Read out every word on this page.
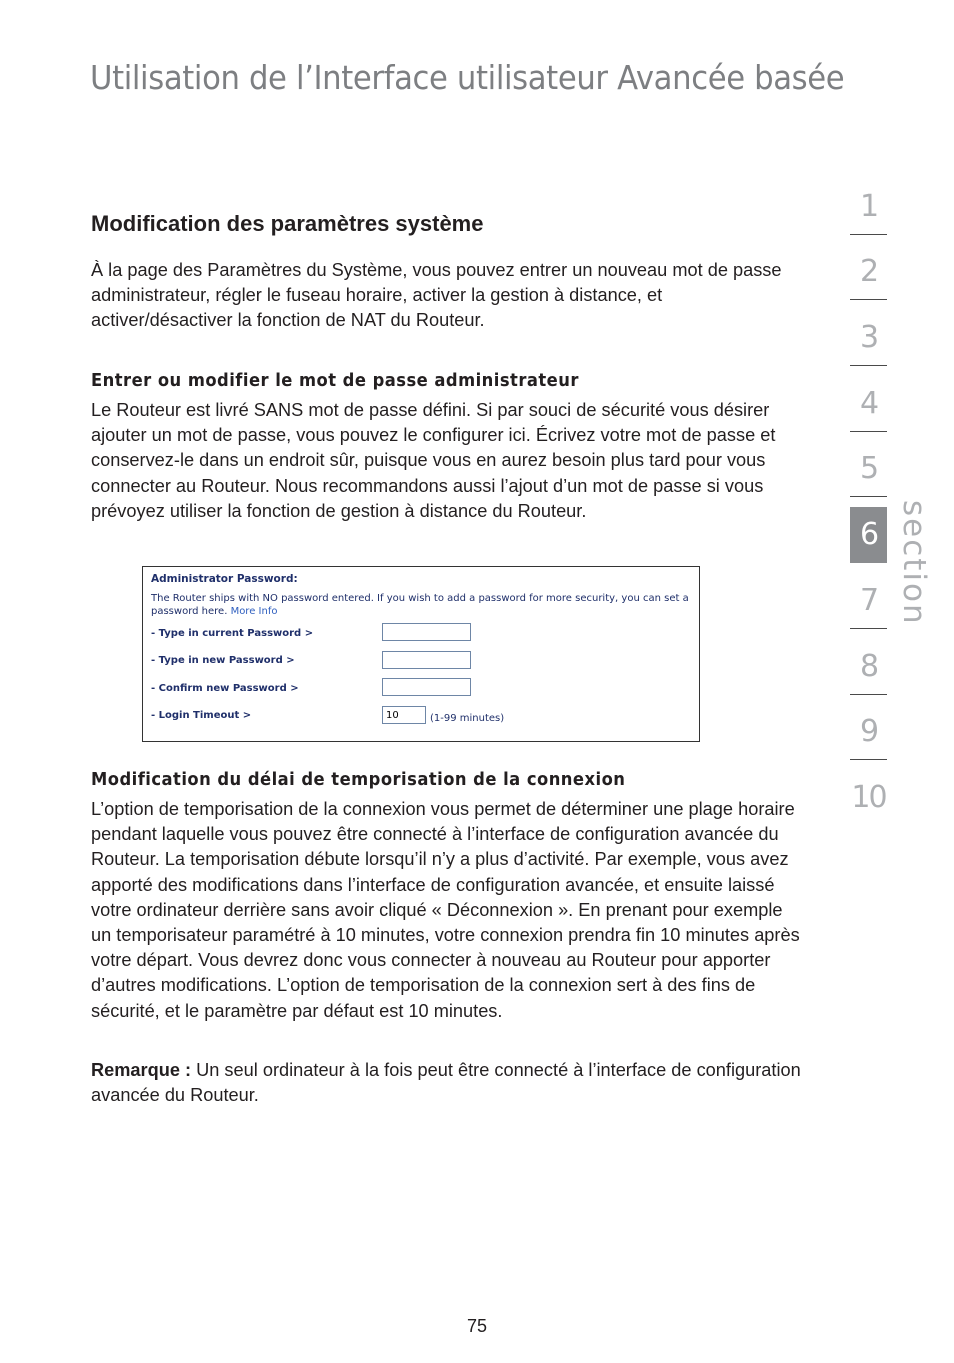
Utilisation de l’Interface utilisateur Avancée basée
Modification des paramètres système

À la page des Paramètres du Système, vous pouvez entrer un nouveau mot de passe administrateur, régler le fuseau horaire, activer la gestion à distance, et activer/désactiver la fonction de NAT du Routeur.

Entrer ou modifier le mot de passe administrateur

Le Routeur est livré SANS mot de passe défini. Si par souci de sécurité vous désirer ajouter un mot de passe, vous pouvez le configurer ici. Écrivez votre mot de passe et conservez-le dans un endroit sûr, puisque vous en aurez besoin plus tard pour vous connecter au Routeur. Nous recommandons aussi l’ajout d’un mot de passe si vous prévoyez utiliser la fonction de gestion à distance du Routeur.

Administrator Password:
The Router ships with NO password entered. If you wish to add a password for more security, you can set a password here. More Info
- Type in current Password >
- Type in new Password >
- Confirm new Password >
- Login Timeout >
10	(1-99 minutes)
Modification du délai de temporisation de la connexion

L’option de temporisation de la connexion vous permet de déterminer une plage horaire pendant laquelle vous pouvez être connecté à l’interface de configuration avancée du Routeur. La temporisation débute lorsqu’il n’y a plus d’activité. Par exemple, vous avez apporté des modifications dans l’interface de configuration avancée, et ensuite laissé votre ordinateur derrière sans avoir cliqué « Déconnexion ». En prenant pour exemple un temporisateur paramétré à 10 minutes, votre connexion prendra fin 10 minutes après votre départ. Vous devrez donc vous connecter à nouveau au Routeur pour apporter d’autres modifications. L’option de temporisation de la connexion sert à des fins de sécurité, et le paramètre par défaut est 10 minutes.

Remarque : Un seul ordinateur à la fois peut être connecté à l’interface de configuration avancée du Routeur.

1
2
3
4
5
6
7
8
9
10
section
75
